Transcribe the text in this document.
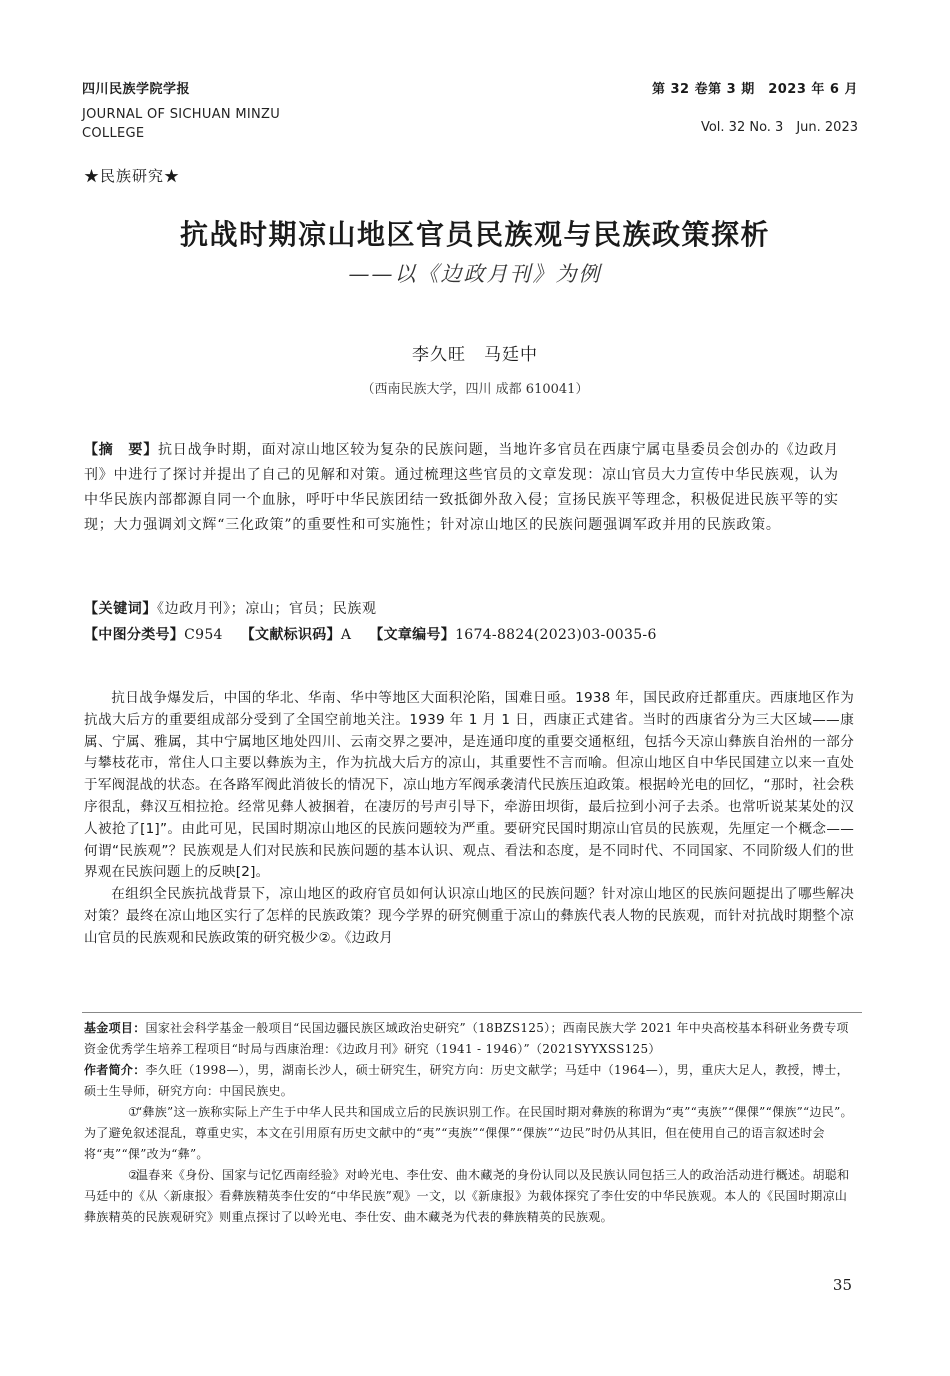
四川民族学院学报
JOURNAL OF SICHUAN MINZU COLLEGE
第 32 卷第 3 期　2023 年 6 月
Vol. 32 No. 3　Jun. 2023
★民族研究★
抗战时期凉山地区官员民族观与民族政策探析
——以《边政月刊》为例
李久旺　马廷中
（西南民族大学，四川 成都 610041）
【摘　要】抗日战争时期，面对凉山地区较为复杂的民族问题，当地许多官员在西康宁属屯垦委员会创办的《边政月刊》中进行了探讨并提出了自己的见解和对策。通过梳理这些官员的文章发现：凉山官员大力宣传中华民族观，认为中华民族内部都源自同一个血脉，呼吁中华民族团结一致抵御外敌入侵；宣扬民族平等理念，积极促进民族平等的实现；大力强调刘文辉“三化政策”的重要性和可实施性；针对凉山地区的民族问题强调军政并用的民族政策。
【关键词】《边政月刊》；凉山；官员；民族观
【中图分类号】C954 【文献标识码】A 【文章编号】1674-8824(2023)03-0035-6

抗日战争爆发后，中国的华北、华南、华中等地区大面积沦陷，国难日亟。1938 年，国民政府迁都重庆。西康地区作为抗战大后方的重要组成部分受到了全国空前地关注。1939 年 1 月 1 日，西康正式建省。当时的西康省分为三大区域——康属、宁属、雅属，其中宁属地区地处四川、云南交界之要冲，是连通印度的重要交通枢纽，包括今天凉山彝族自治州的一部分与攀枝花市，常住人口主要以彝族为主，作为抗战大后方的凉山，其重要性不言而喻。但凉山地区自中华民国建立以来一直处于军阀混战的状态。在各路军阀此消彼长的情况下，凉山地方军阀承袭清代民族压迫政策。根据岭光电的回忆，“那时，社会秩序很乱，彝汉互相拉抢。经常见彝人被捆着，在凄厉的号声引导下，牵游田坝街，最后拉到小河子去杀。也常听说某某处的汉人被抢了[1]”。由此可见，民国时期凉山地区的民族问题较为严重。要研究民国时期凉山官员的民族观，先厘定一个概念——何谓“民族观”？民族观是人们对民族和民族问题的基本认识、观点、看法和态度，是不同时代、不同国家、不同阶级人们的世界观在民族问题上的反映[2]。

在组织全民族抗战背景下，凉山地区的政府官员如何认识凉山地区的民族问题？针对凉山地区的民族问题提出了哪些解决对策？最终在凉山地区实行了怎样的民族政策？现今学界的研究侧重于凉山的彝族代表人物的民族观，而针对抗战时期整个凉山官员的民族观和民族政策的研究极少②。《边政月

基金项目：国家社会科学基金一般项目“民国边疆民族区域政治史研究”（18BZS125）；西南民族大学 2021 年中央高校基本科研业务费专项资金优秀学生培养工程项目“时局与西康治理：《边政月刊》研究（1941 - 1946）”（2021SYYXSS125）

作者简介：李久旺（1998—），男，湖南长沙人，硕士研究生，研究方向：历史文献学；马廷中（1964—），男，重庆大足人，教授，博士，硕士生导师，研究方向：中国民族史。

①“彝族”这一族称实际上产生于中华人民共和国成立后的民族识别工作。在民国时期对彝族的称谓为“夷”“夷族”“倮倮”“倮族”“边民”。为了避免叙述混乱，尊重史实，本文在引用原有历史文献中的“夷”“夷族”“倮倮”“倮族”“边民”时仍从其旧，但在使用自己的语言叙述时会将“夷”“倮”改为“彝”。

②温春来《身份、国家与记忆西南经验》对岭光电、李仕安、曲木藏尧的身份认同以及民族认同包括三人的政治活动进行概述。胡聪和马廷中的《从〈新康报〉看彝族精英李仕安的“中华民族”观》一文，以《新康报》为载体探究了李仕安的中华民族观。本人的《民国时期凉山彝族精英的民族观研究》则重点探讨了以岭光电、李仕安、曲木藏尧为代表的彝族精英的民族观。

35
